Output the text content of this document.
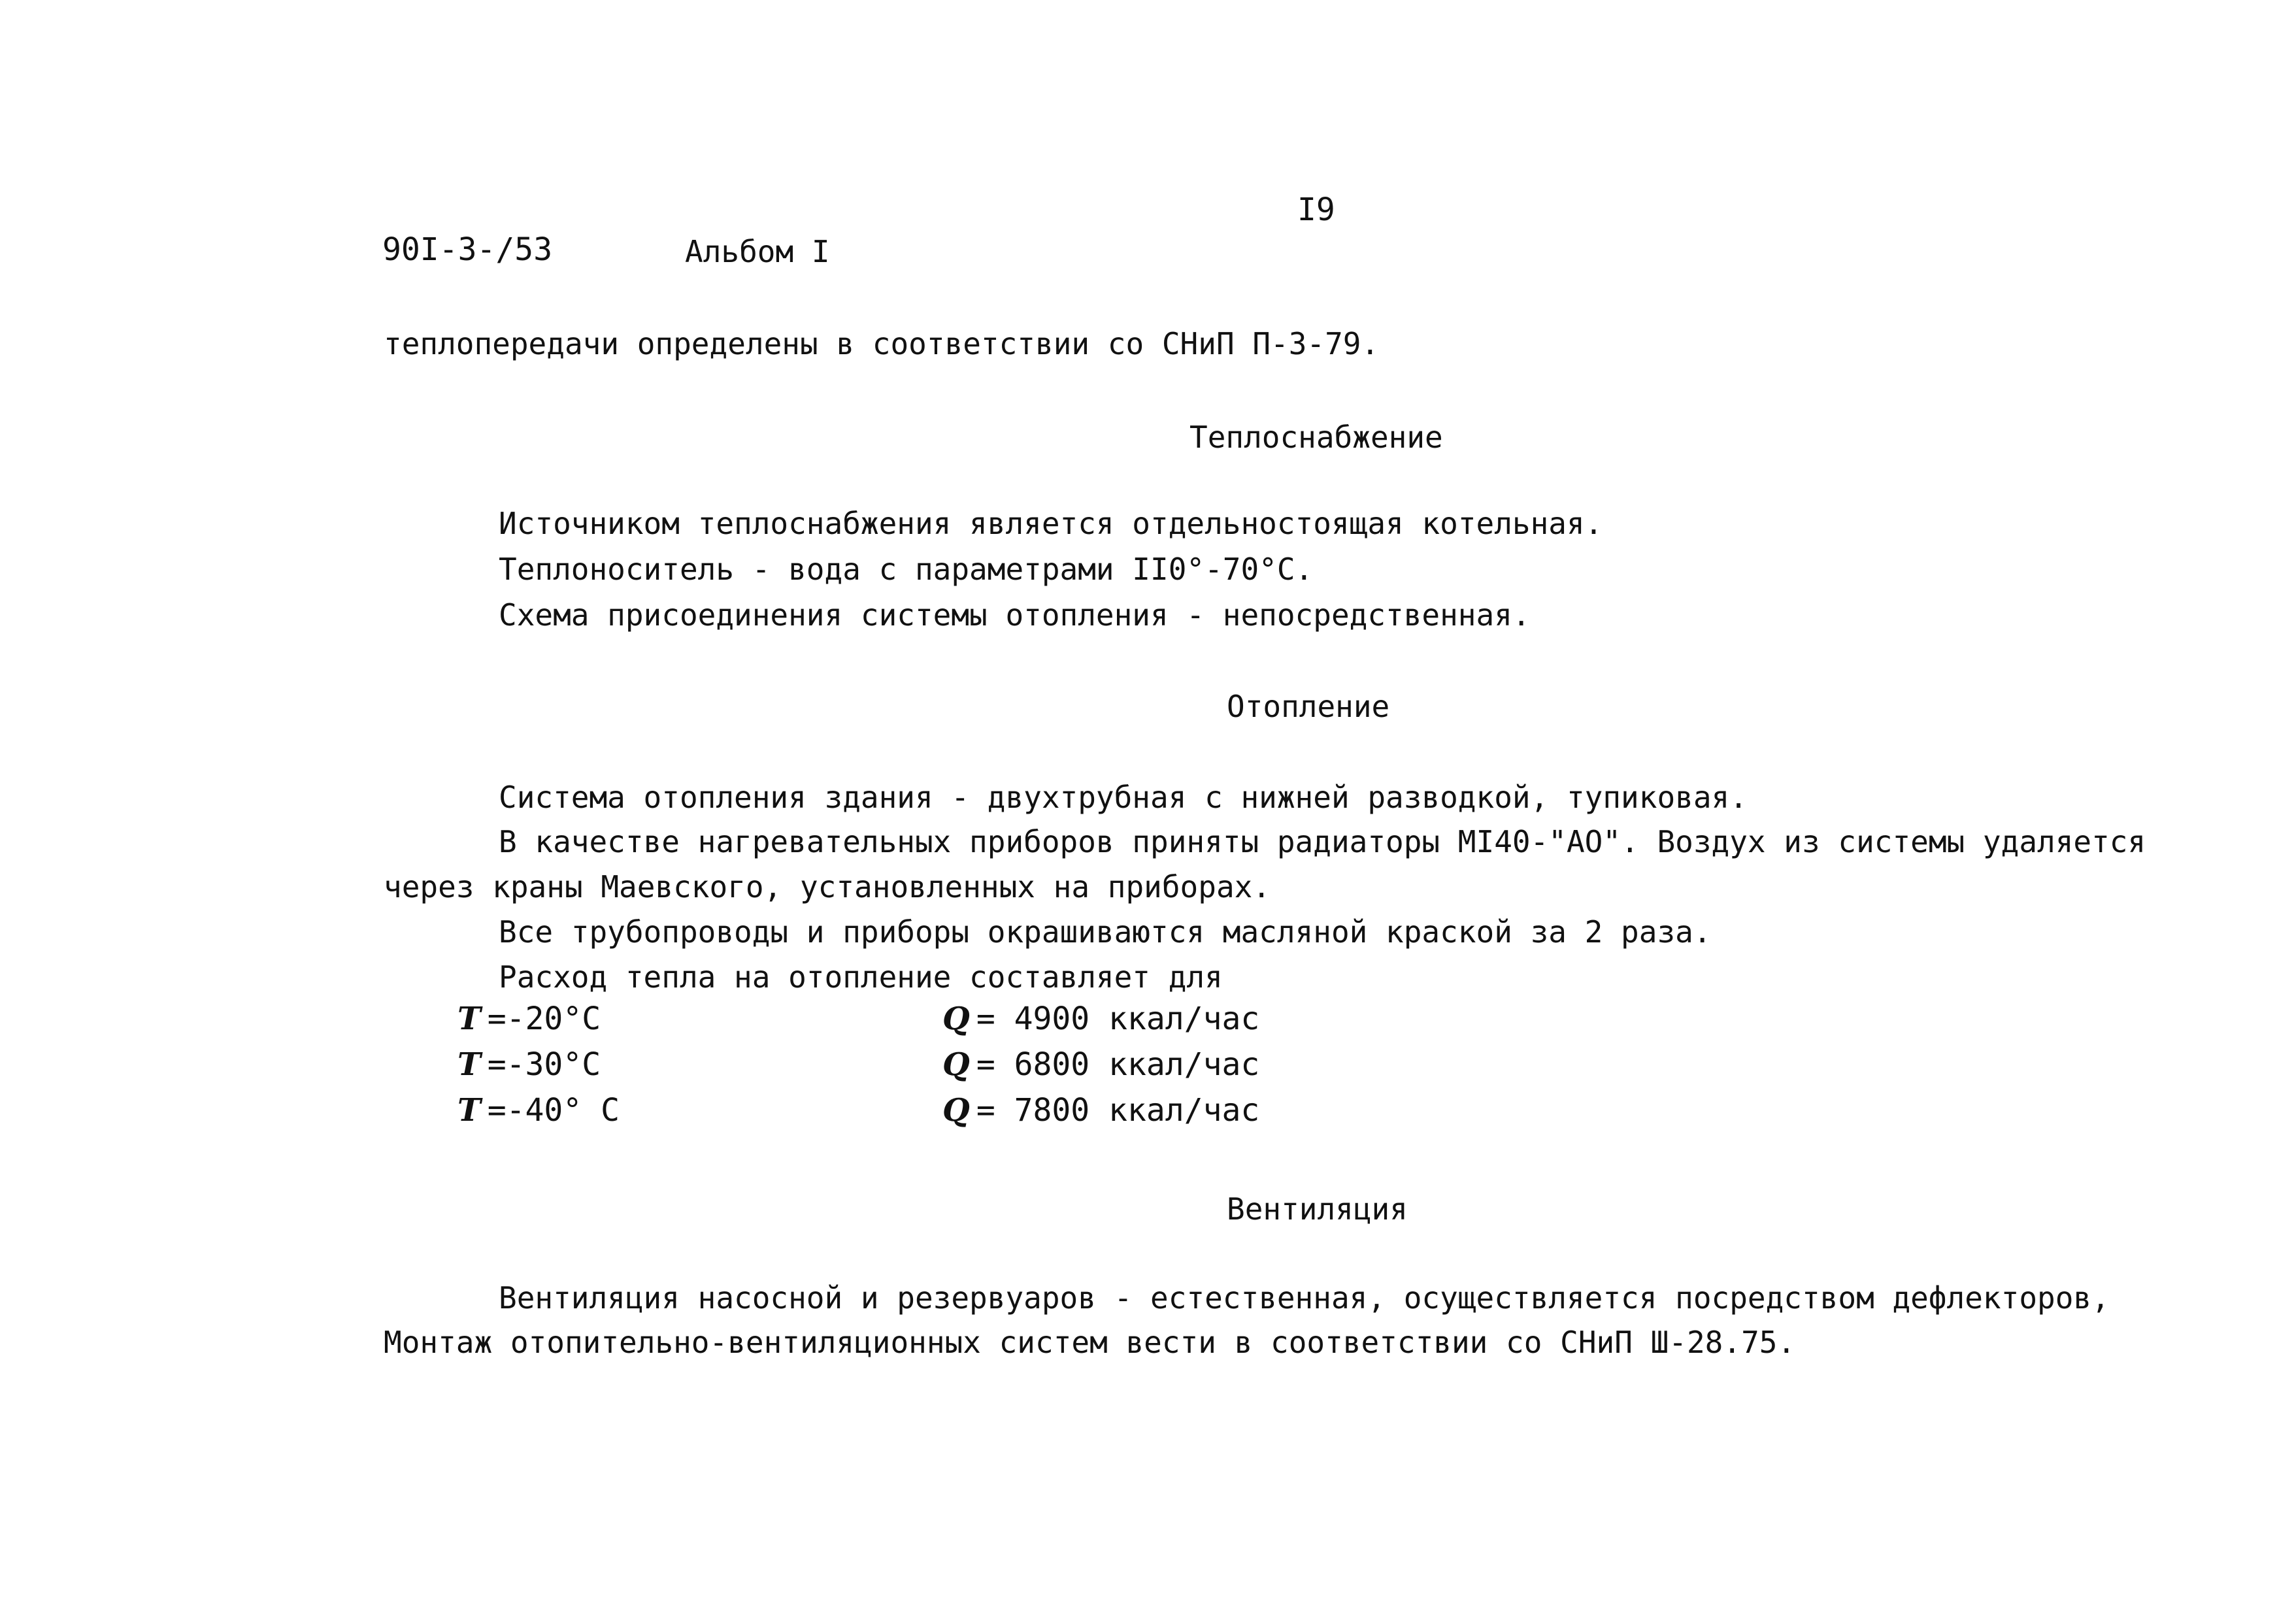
90I-3-/53	Альбом I
I9
теплопередачи определены в соответствии со СНиП П-3-79.
Теплоснабжение
Источником теплоснабжения является отдельностоящая котельная.
Теплоноситель - вода с параметрами II0°-70°С.
Схема присоединения системы отопления - непосредственная.
Отопление
Система отопления здания - двухтрубная с нижней разводкой, тупиковая.
В качестве нагревательных приборов приняты радиаторы МI40-"АО". Воздух из системы удаляется
через краны Маевского, установленных на приборах.
Все трубопроводы и приборы окрашиваются масляной краской за 2 раза.
Расход тепла на отопление составляет для
T =-20°C	Q = 4900 ккал/час
T =-30°C	Q = 6800 ккал/час
T =-40° С	Q = 7800 ккал/час
Вентиляция
Вентиляция насосной и резервуаров - естественная, осуществляется посредством дефлекторов,
Монтаж отопительно-вентиляционных систем вести в соответствии со СНиП Ш-28.75.
